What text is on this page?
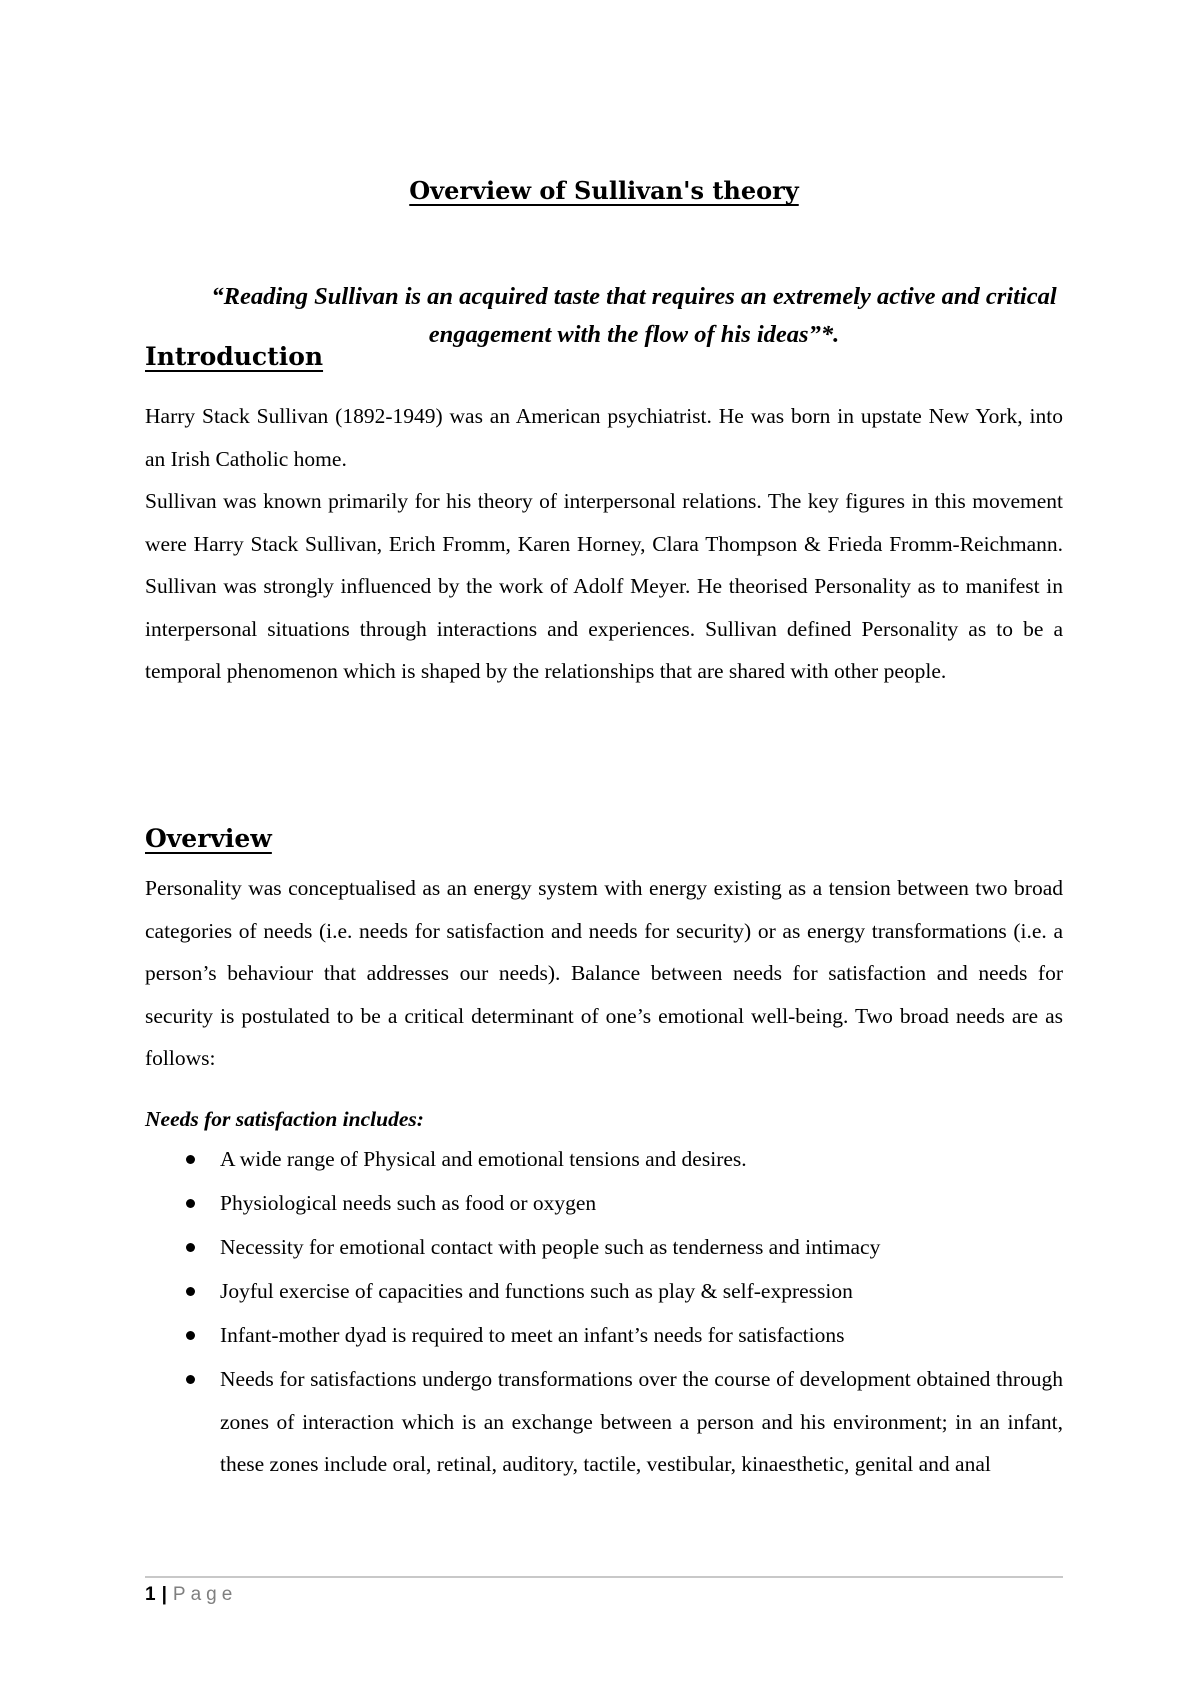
Overview of Sullivan's theory

“Reading Sullivan is an acquired taste that requires an extremely active and critical engagement with the flow of his ideas”*.

Introduction

Harry Stack Sullivan (1892-1949) was an American psychiatrist. He was born in upstate New York, into an Irish Catholic home.

Sullivan was known primarily for his theory of interpersonal relations. The key figures in this movement were Harry Stack Sullivan, Erich Fromm, Karen Horney, Clara Thompson & Frieda Fromm-Reichmann. Sullivan was strongly influenced by the work of Adolf Meyer. He theorised Personality as to manifest in interpersonal situations through interactions and experiences. Sullivan defined Personality as to be a temporal phenomenon which is shaped by the relationships that are shared with other people.

Overview

Personality was conceptualised as an energy system with energy existing as a tension between two broad categories of needs (i.e. needs for satisfaction and needs for security) or as energy transformations (i.e. a person’s behaviour that addresses our needs). Balance between needs for satisfaction and needs for security is postulated to be a critical determinant of one’s emotional well-being. Two broad needs are as follows:

Needs for satisfaction includes:

A wide range of Physical and emotional tensions and desires.
Physiological needs such as food or oxygen
Necessity for emotional contact with people such as tenderness and intimacy
Joyful exercise of capacities and functions such as play & self-expression
Infant-mother dyad is required to meet an infant’s needs for satisfactions
Needs for satisfactions undergo transformations over the course of development obtained through zones of interaction which is an exchange between a person and his environment; in an infant, these zones include oral, retinal, auditory, tactile, vestibular, kinaesthetic, genital and anal
1 | Page
